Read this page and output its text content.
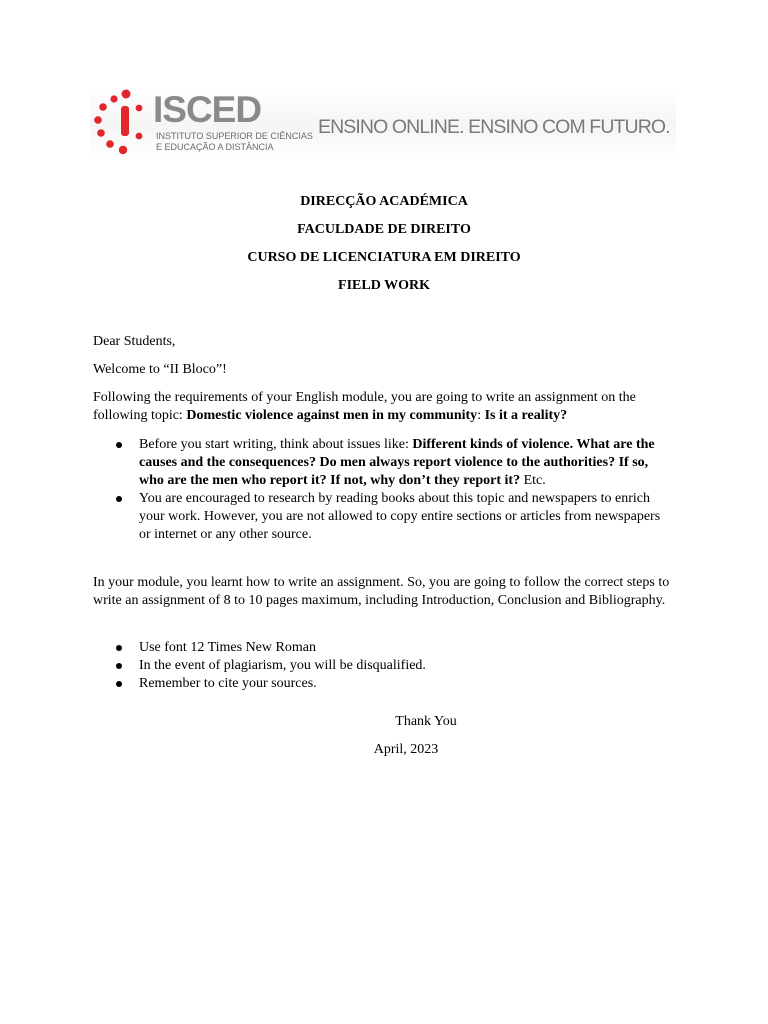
ISCED
INSTITUTO SUPERIOR DE CIÊNCIAS
E EDUCAÇÃO A DISTÂNCIA
ENSINO ONLINE. ENSINO COM FUTURO.
DIRECÇÃO ACADÉMICA
FACULDADE DE DIREITO
CURSO DE LICENCIATURA EM DIREITO
FIELD WORK
Dear Students,
Welcome to “II Bloco”!
Following the requirements of your English module, you are going to write an assignment on the following topic: Domestic violence against men in my community: Is it a reality?
Before you start writing, think about issues like: Different kinds of violence. What are the causes and the consequences? Do men always report violence to the authorities? If so, who are the men who report it? If not, why don’t they report it? Etc.
You are encouraged to research by reading books about this topic and newspapers to enrich your work. However, you are not allowed to copy entire sections or articles from newspapers or internet or any other source.
In your module, you learnt how to write an assignment. So, you are going to follow the correct steps to write an assignment of 8 to 10 pages maximum, including Introduction, Conclusion and Bibliography.
Use font 12 Times New Roman
In the event of plagiarism, you will be disqualified.
Remember to cite your sources.
Thank You
April, 2023
